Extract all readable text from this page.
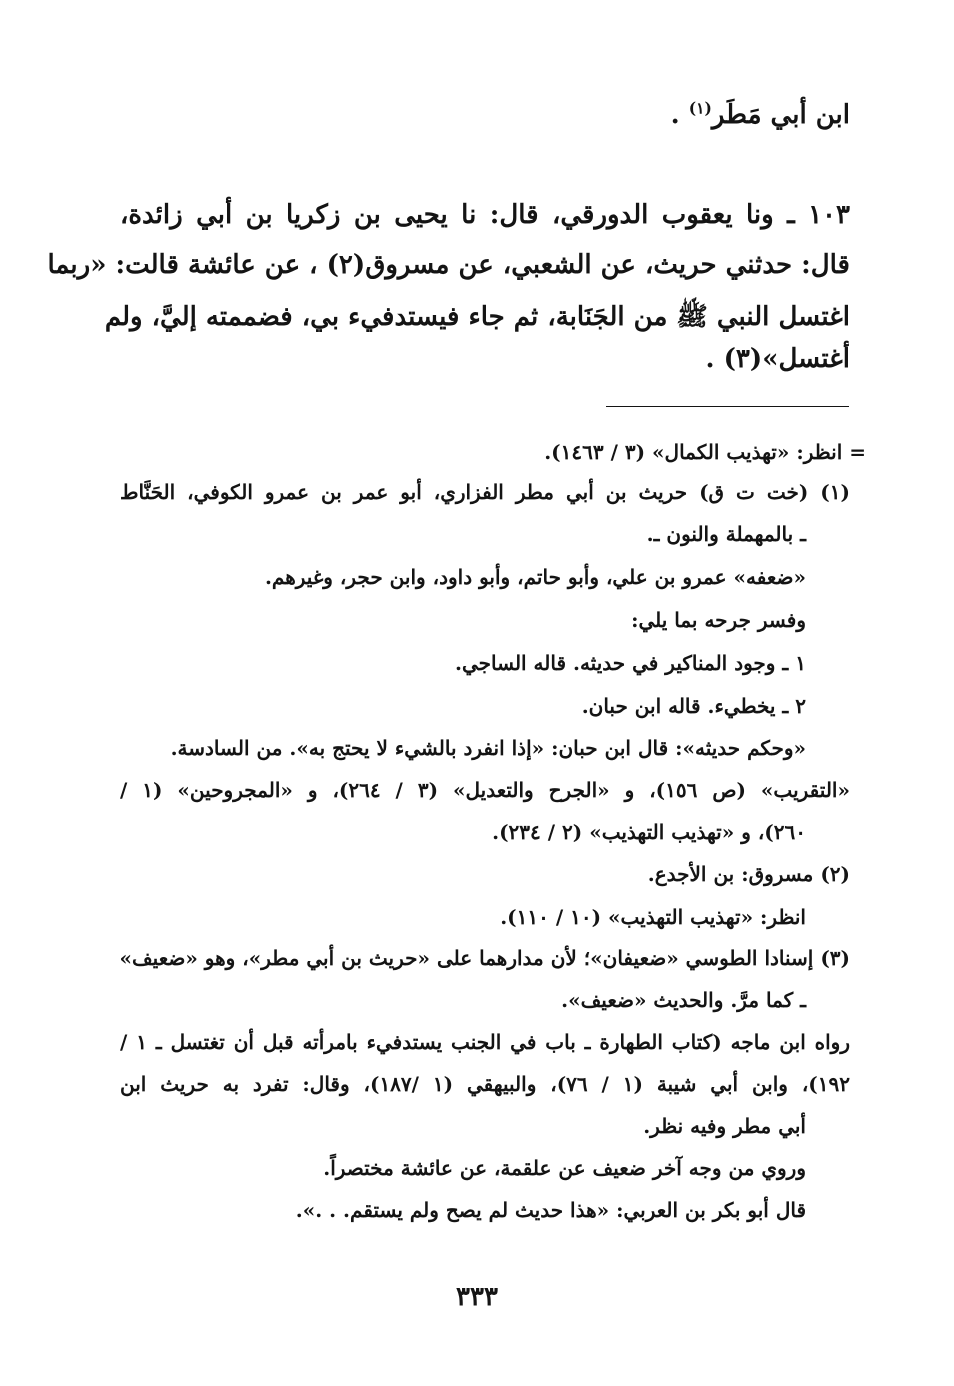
ابن أبي مَطَر$^{(١)}$ .
١٠٣ ـ ونا يعقوب الدورقي، قال: نا يحيى بن زكريا بن أبي زائدة،
قال: حدثني حريث، عن الشعبي، عن مسروق(٢) ، عن عائشة قالت: «ربما
اغتسل النبي ﷺ من الجَنَابة، ثم جاء فيستدفيء بي، فضممته إليَّ، ولم
أغتسل»(٣) .
= انظر: «تهذيب الكمال» (٣ / ١٤٦٣).
(١) (خت ت ق) حريث بن أبي مطر الفزاري، أبو عمر بن عمرو الكوفي، الحَنَّاط
ـ بالمهملة والنون ـ.
«ضعفه» عمرو بن علي، وأبو حاتم، وأبو داود، وابن حجر، وغيرهم.
وفسر جرحه بما يلي:
١ ـ وجود المناكير في حديثه. قاله الساجي.
٢ ـ يخطيء. قاله ابن حبان.
«وحكم حديثه»: قال ابن حبان: «إذا انفرد بالشيء لا يحتج به». من السادسة.
«التقريب» (ص ١٥٦)، و «الجرح والتعديل» (٣ / ٢٦٤)، و «المجروحين» (١ /
٢٦٠)، و «تهذيب التهذيب» (٢ / ٢٣٤).
(٢) مسروق: بن الأجدع.
انظر: «تهذيب التهذيب» (١٠ / ١١٠).
(٣) إسنادا الطوسي «ضعيفان»؛ لأن مدارهما على «حريث بن أبي مطر»، وهو «ضعيف»
ـ كما مرَّ. والحديث «ضعيف».
رواه ابن ماجه (كتاب الطهارة ـ باب في الجنب يستدفيء بامرأته قبل أن تغتسل ـ ١ /
١٩٢)، وابن أبي شيبة (١ / ٧٦)، والبيهقي (١ /١٨٧)، وقال: تفرد به حريث ابن
أبي مطر وفيه نظر.
وروي من وجه آخر ضعيف عن علقمة، عن عائشة مختصراً.
قال أبو بكر بن العربي: «هذا حديث لم يصح ولم يستقم. . .».
٣٣٣
